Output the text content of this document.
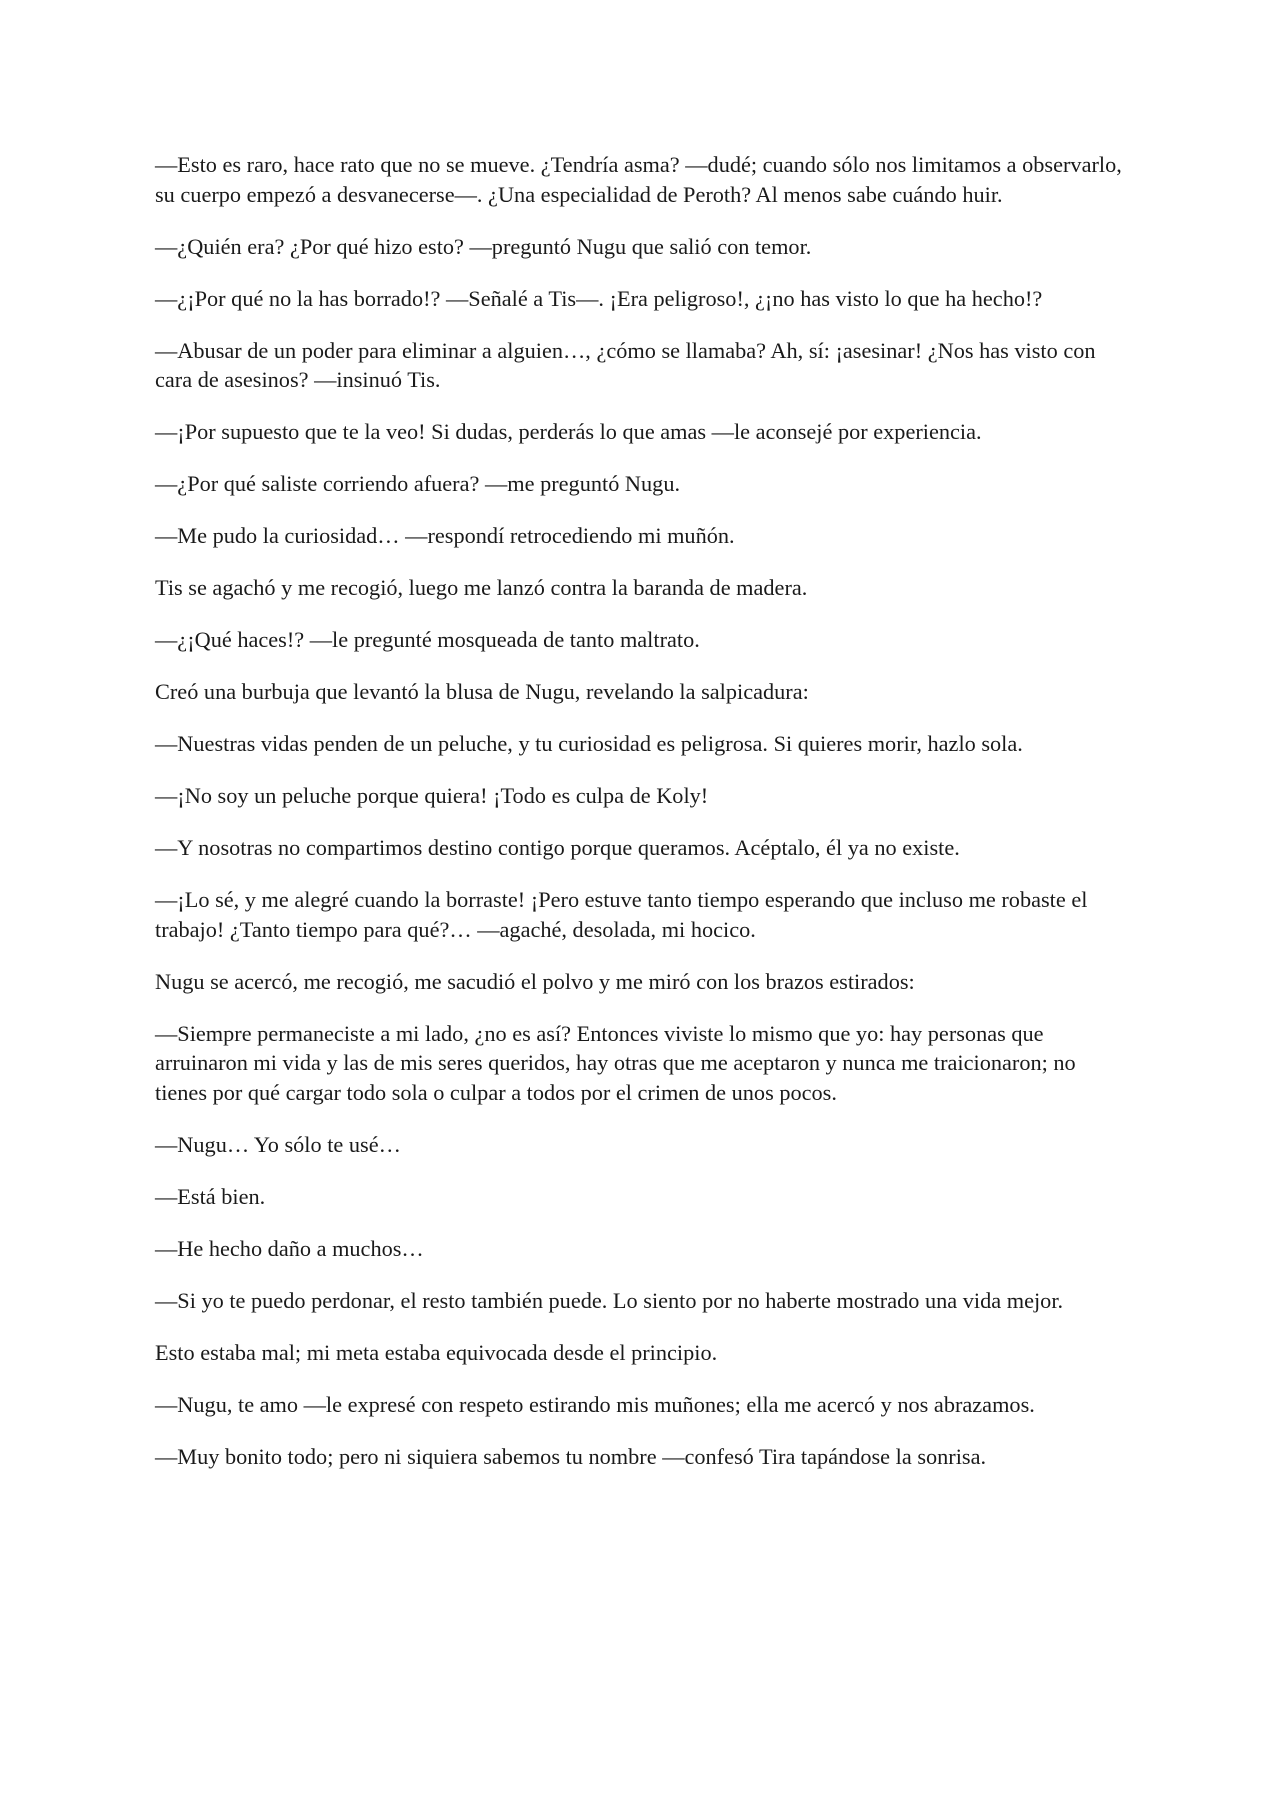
—Esto es raro, hace rato que no se mueve. ¿Tendría asma? —dudé; cuando sólo nos limitamos a observarlo, su cuerpo empezó a desvanecerse—. ¿Una especialidad de Peroth? Al menos sabe cuándo huir.

—¿Quién era? ¿Por qué hizo esto? —preguntó Nugu que salió con temor.

—¿¡Por qué no la has borrado!? —Señalé a Tis—. ¡Era peligroso!, ¿¡no has visto lo que ha hecho!?

—Abusar de un poder para eliminar a alguien…, ¿cómo se llamaba? Ah, sí: ¡asesinar! ¿Nos has visto con cara de asesinos? —insinuó Tis.

—¡Por supuesto que te la veo! Si dudas, perderás lo que amas —le aconsejé por experiencia.

—¿Por qué saliste corriendo afuera? —me preguntó Nugu.

—Me pudo la curiosidad… —respondí retrocediendo mi muñón.

Tis se agachó y me recogió, luego me lanzó contra la baranda de madera.

—¿¡Qué haces!? —le pregunté mosqueada de tanto maltrato.

Creó una burbuja que levantó la blusa de Nugu, revelando la salpicadura:

—Nuestras vidas penden de un peluche, y tu curiosidad es peligrosa. Si quieres morir, hazlo sola.

—¡No soy un peluche porque quiera! ¡Todo es culpa de Koly!

—Y nosotras no compartimos destino contigo porque queramos. Acéptalo, él ya no existe.

—¡Lo sé, y me alegré cuando la borraste! ¡Pero estuve tanto tiempo esperando que incluso me robaste el trabajo! ¿Tanto tiempo para qué?… —agaché, desolada, mi hocico.

Nugu se acercó, me recogió, me sacudió el polvo y me miró con los brazos estirados:

—Siempre permaneciste a mi lado, ¿no es así? Entonces viviste lo mismo que yo: hay personas que arruinaron mi vida y las de mis seres queridos, hay otras que me aceptaron y nunca me traicionaron; no tienes por qué cargar todo sola o culpar a todos por el crimen de unos pocos.

—Nugu… Yo sólo te usé…

—Está bien.

—He hecho daño a muchos…

—Si yo te puedo perdonar, el resto también puede. Lo siento por no haberte mostrado una vida mejor.

Esto estaba mal; mi meta estaba equivocada desde el principio.

—Nugu, te amo —le expresé con respeto estirando mis muñones; ella me acercó y nos abrazamos.

—Muy bonito todo; pero ni siquiera sabemos tu nombre —confesó Tira tapándose la sonrisa.
